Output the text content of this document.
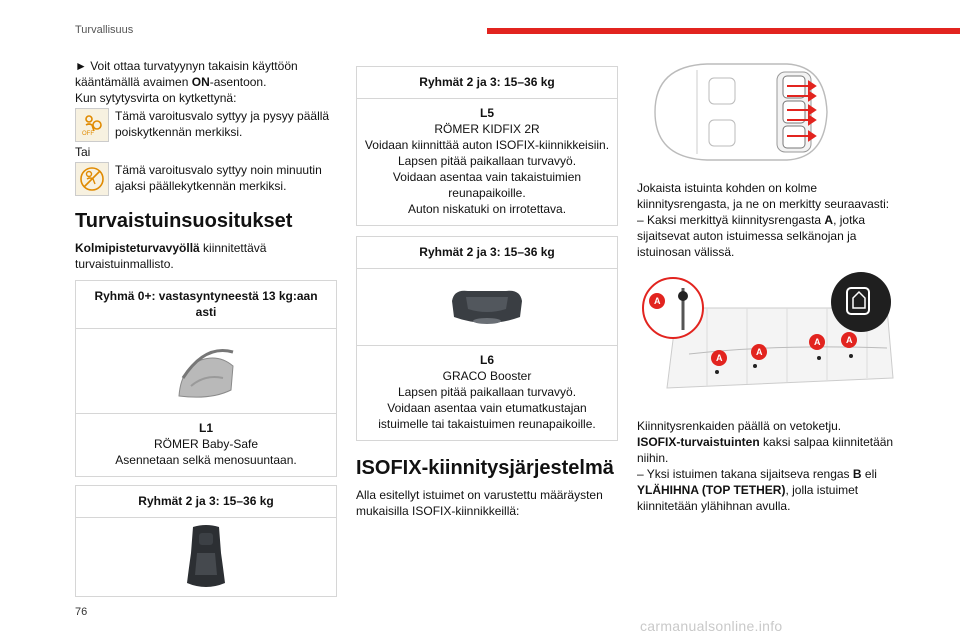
Turvallisuus

► Voit ottaa turvatyynyn takaisin käyttöön kääntämällä avaimen ON-asentoon.

Kun sytytysvirta on kytkettynä:

OFF

Tämä varoitusvalo syttyy ja pysyy päällä poiskytkennän merkiksi.

Tai

Tämä varoitusvalo syttyy noin minuutin ajaksi päällekytkennän merkiksi.

Turvaistuinsuositukset

Kolmipisteturvavyöllä kiinnitettävä turvaistuinmallisto.

Ryhmä 0+: vastasyntyneestä 13 kg:aan asti
L1
RÖMER Baby-Safe
Asennetaan selkä menosuuntaan.
Ryhmät 2 ja 3: 15–36 kg
Ryhmät 2 ja 3: 15–36 kg
L5
RÖMER KIDFIX 2R
Voidaan kiinnittää auton ISOFIX-kiinnikkeisiin.
Lapsen pitää paikallaan turvavyö.
Voidaan asentaa vain takaistuimien reunapaikoille.
Auton niskatuki on irrotettava.
Ryhmät 2 ja 3: 15–36 kg
L6
GRACO Booster
Lapsen pitää paikallaan turvavyö.
Voidaan asentaa vain etumatkustajan istuimelle tai takaistuimen reunapaikoille.
ISOFIX-kiinnitysjärjestelmä

Alla esitellyt istuimet on varustettu määräysten mukaisilla ISOFIX-kiinnikkeillä:

Jokaista istuinta kohden on kolme kiinnitysrengasta, ja ne on merkitty seuraavasti:

– Kaksi merkittyä kiinnitysrengasta A, jotka sijaitsevat auton istuimessa selkänojan ja istuinosan välissä.

A
A
A
A	A

Kiinnitysrenkaiden päällä on vetoketju.

ISOFIX-turvaistuinten kaksi salpaa kiinnitetään niihin.

– Yksi istuimen takana sijaitseva rengas B eli YLÄHIHNA (TOP TETHER), jolla istuimet kiinnitetään ylähihnan avulla.

76
carmanualsonline.info
